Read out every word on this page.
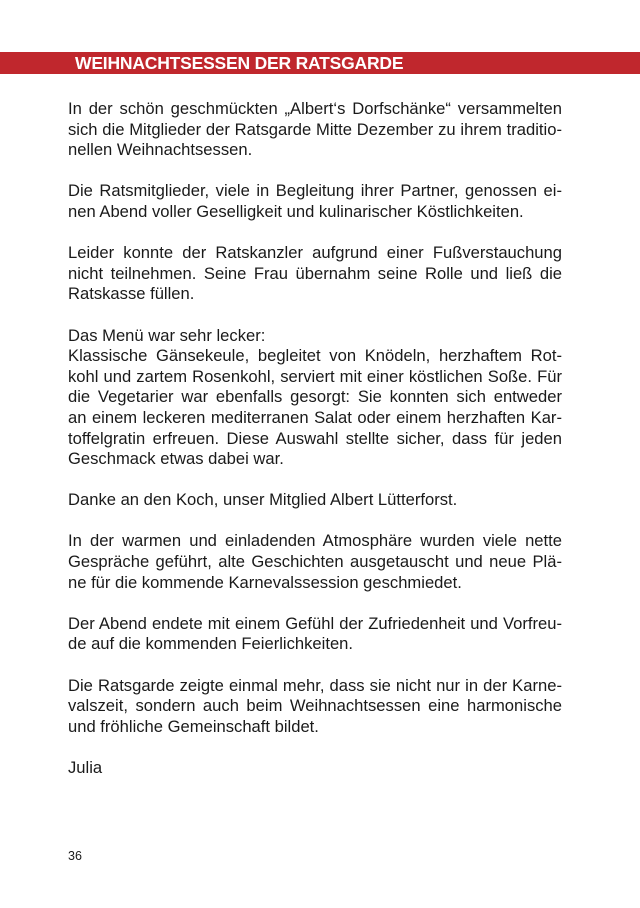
WEIHNACHTSESSEN DER RATSGARDE
In der schön geschmückten „Albert‘s Dorfschänke“ versammelten
sich die Mitglieder der Ratsgarde Mitte Dezember zu ihrem traditio-
nellen Weihnachtsessen.
Die Ratsmitglieder, viele in Begleitung ihrer Partner, genossen ei-
nen Abend voller Geselligkeit und kulinarischer Köstlichkeiten.
Leider konnte der Ratskanzler aufgrund einer Fußverstauchung
nicht teilnehmen. Seine Frau übernahm seine Rolle und ließ die
Ratskasse füllen.
Das Menü war sehr lecker:
Klassische Gänsekeule, begleitet von Knödeln, herzhaftem Rot-
kohl und zartem Rosenkohl, serviert mit einer köstlichen Soße. Für
die Vegetarier war ebenfalls gesorgt: Sie konnten sich entweder
an einem leckeren mediterranen Salat oder einem herzhaften Kar-
toffelgratin erfreuen. Diese Auswahl stellte sicher, dass für jeden
Geschmack etwas dabei war.
Danke an den Koch, unser Mitglied Albert Lütterforst.
In der warmen und einladenden Atmosphäre wurden viele nette
Gespräche geführt, alte Geschichten ausgetauscht und neue Plä-
ne für die kommende Karnevalssession geschmiedet.
Der Abend endete mit einem Gefühl der Zufriedenheit und Vorfreu-
de auf die kommenden Feierlichkeiten.
Die Ratsgarde zeigte einmal mehr, dass sie nicht nur in der Karne-
valszeit, sondern auch beim Weihnachtsessen eine harmonische
und fröhliche Gemeinschaft bildet.
Julia
36
